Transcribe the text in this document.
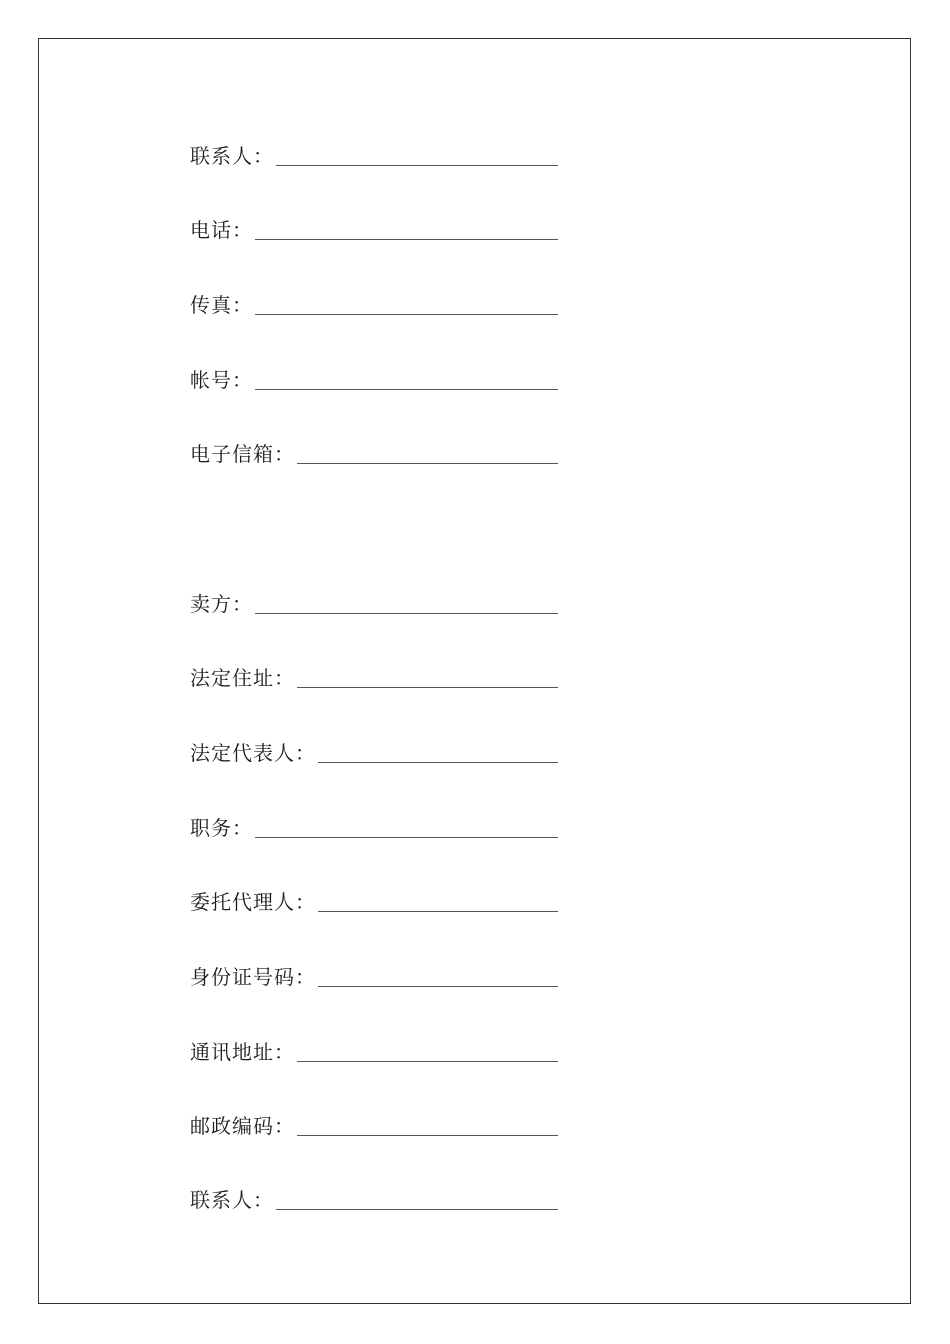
联系人：
电话：
传真：
帐号：
电子信箱：
卖方：
法定住址：
法定代表人：
职务：
委托代理人：
身份证号码：
通讯地址：
邮政编码：
联系人：
